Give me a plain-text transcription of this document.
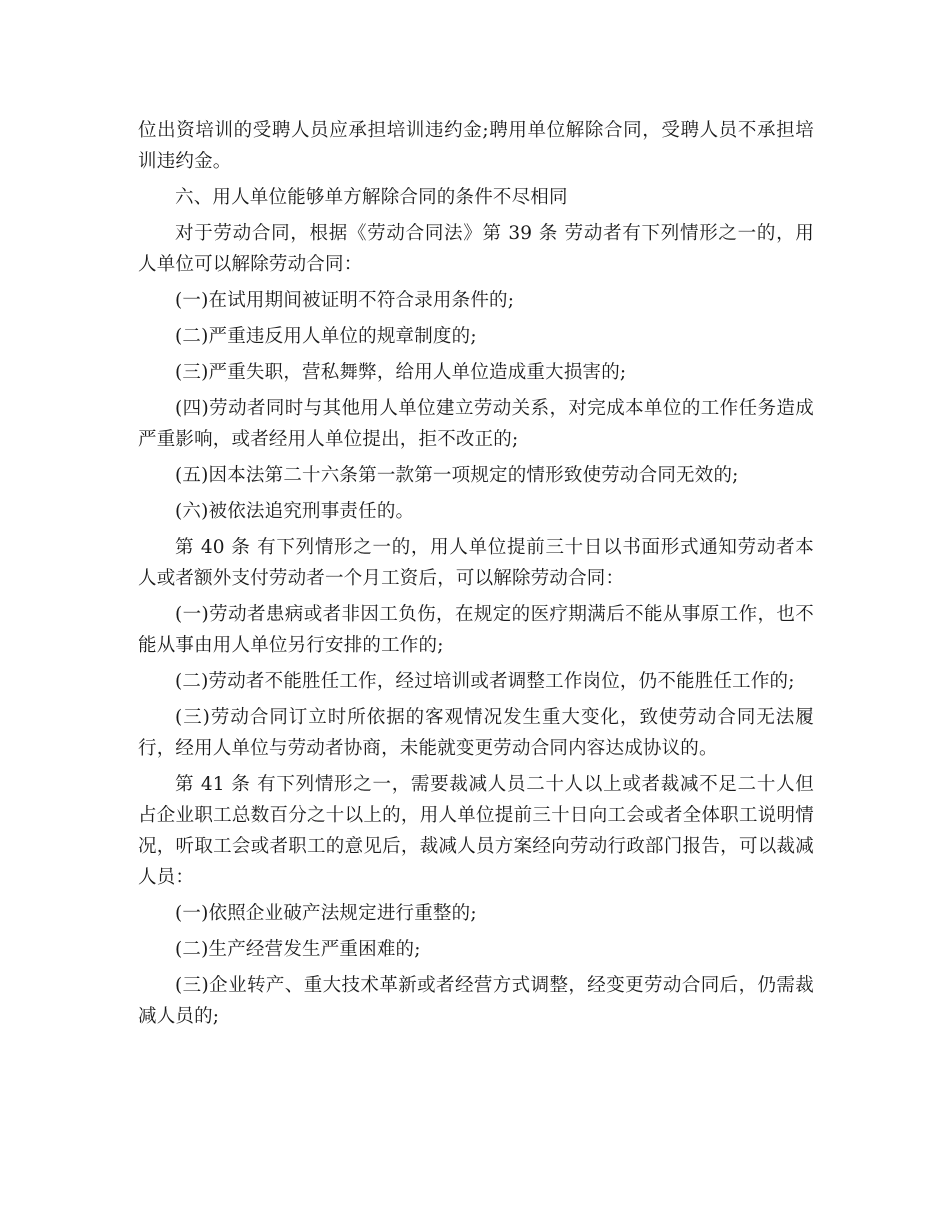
位出资培训的受聘人员应承担培训违约金;聘用单位解除合同，受聘人员不承担培训违约金。

六、用人单位能够单方解除合同的条件不尽相同

对于劳动合同，根据《劳动合同法》第 39 条 劳动者有下列情形之一的，用人单位可以解除劳动合同：

(一)在试用期间被证明不符合录用条件的;

(二)严重违反用人单位的规章制度的;

(三)严重失职，营私舞弊，给用人单位造成重大损害的;

(四)劳动者同时与其他用人单位建立劳动关系，对完成本单位的工作任务造成严重影响，或者经用人单位提出，拒不改正的;

(五)因本法第二十六条第一款第一项规定的情形致使劳动合同无效的;

(六)被依法追究刑事责任的。

第 40 条 有下列情形之一的，用人单位提前三十日以书面形式通知劳动者本人或者额外支付劳动者一个月工资后，可以解除劳动合同：

(一)劳动者患病或者非因工负伤，在规定的医疗期满后不能从事原工作，也不能从事由用人单位另行安排的工作的;

(二)劳动者不能胜任工作，经过培训或者调整工作岗位，仍不能胜任工作的;

(三)劳动合同订立时所依据的客观情况发生重大变化，致使劳动合同无法履行，经用人单位与劳动者协商，未能就变更劳动合同内容达成协议的。

第 41 条 有下列情形之一，需要裁减人员二十人以上或者裁减不足二十人但占企业职工总数百分之十以上的，用人单位提前三十日向工会或者全体职工说明情况，听取工会或者职工的意见后，裁减人员方案经向劳动行政部门报告，可以裁减人员：

(一)依照企业破产法规定进行重整的;

(二)生产经营发生严重困难的;

(三)企业转产、重大技术革新或者经营方式调整，经变更劳动合同后，仍需裁减人员的;
